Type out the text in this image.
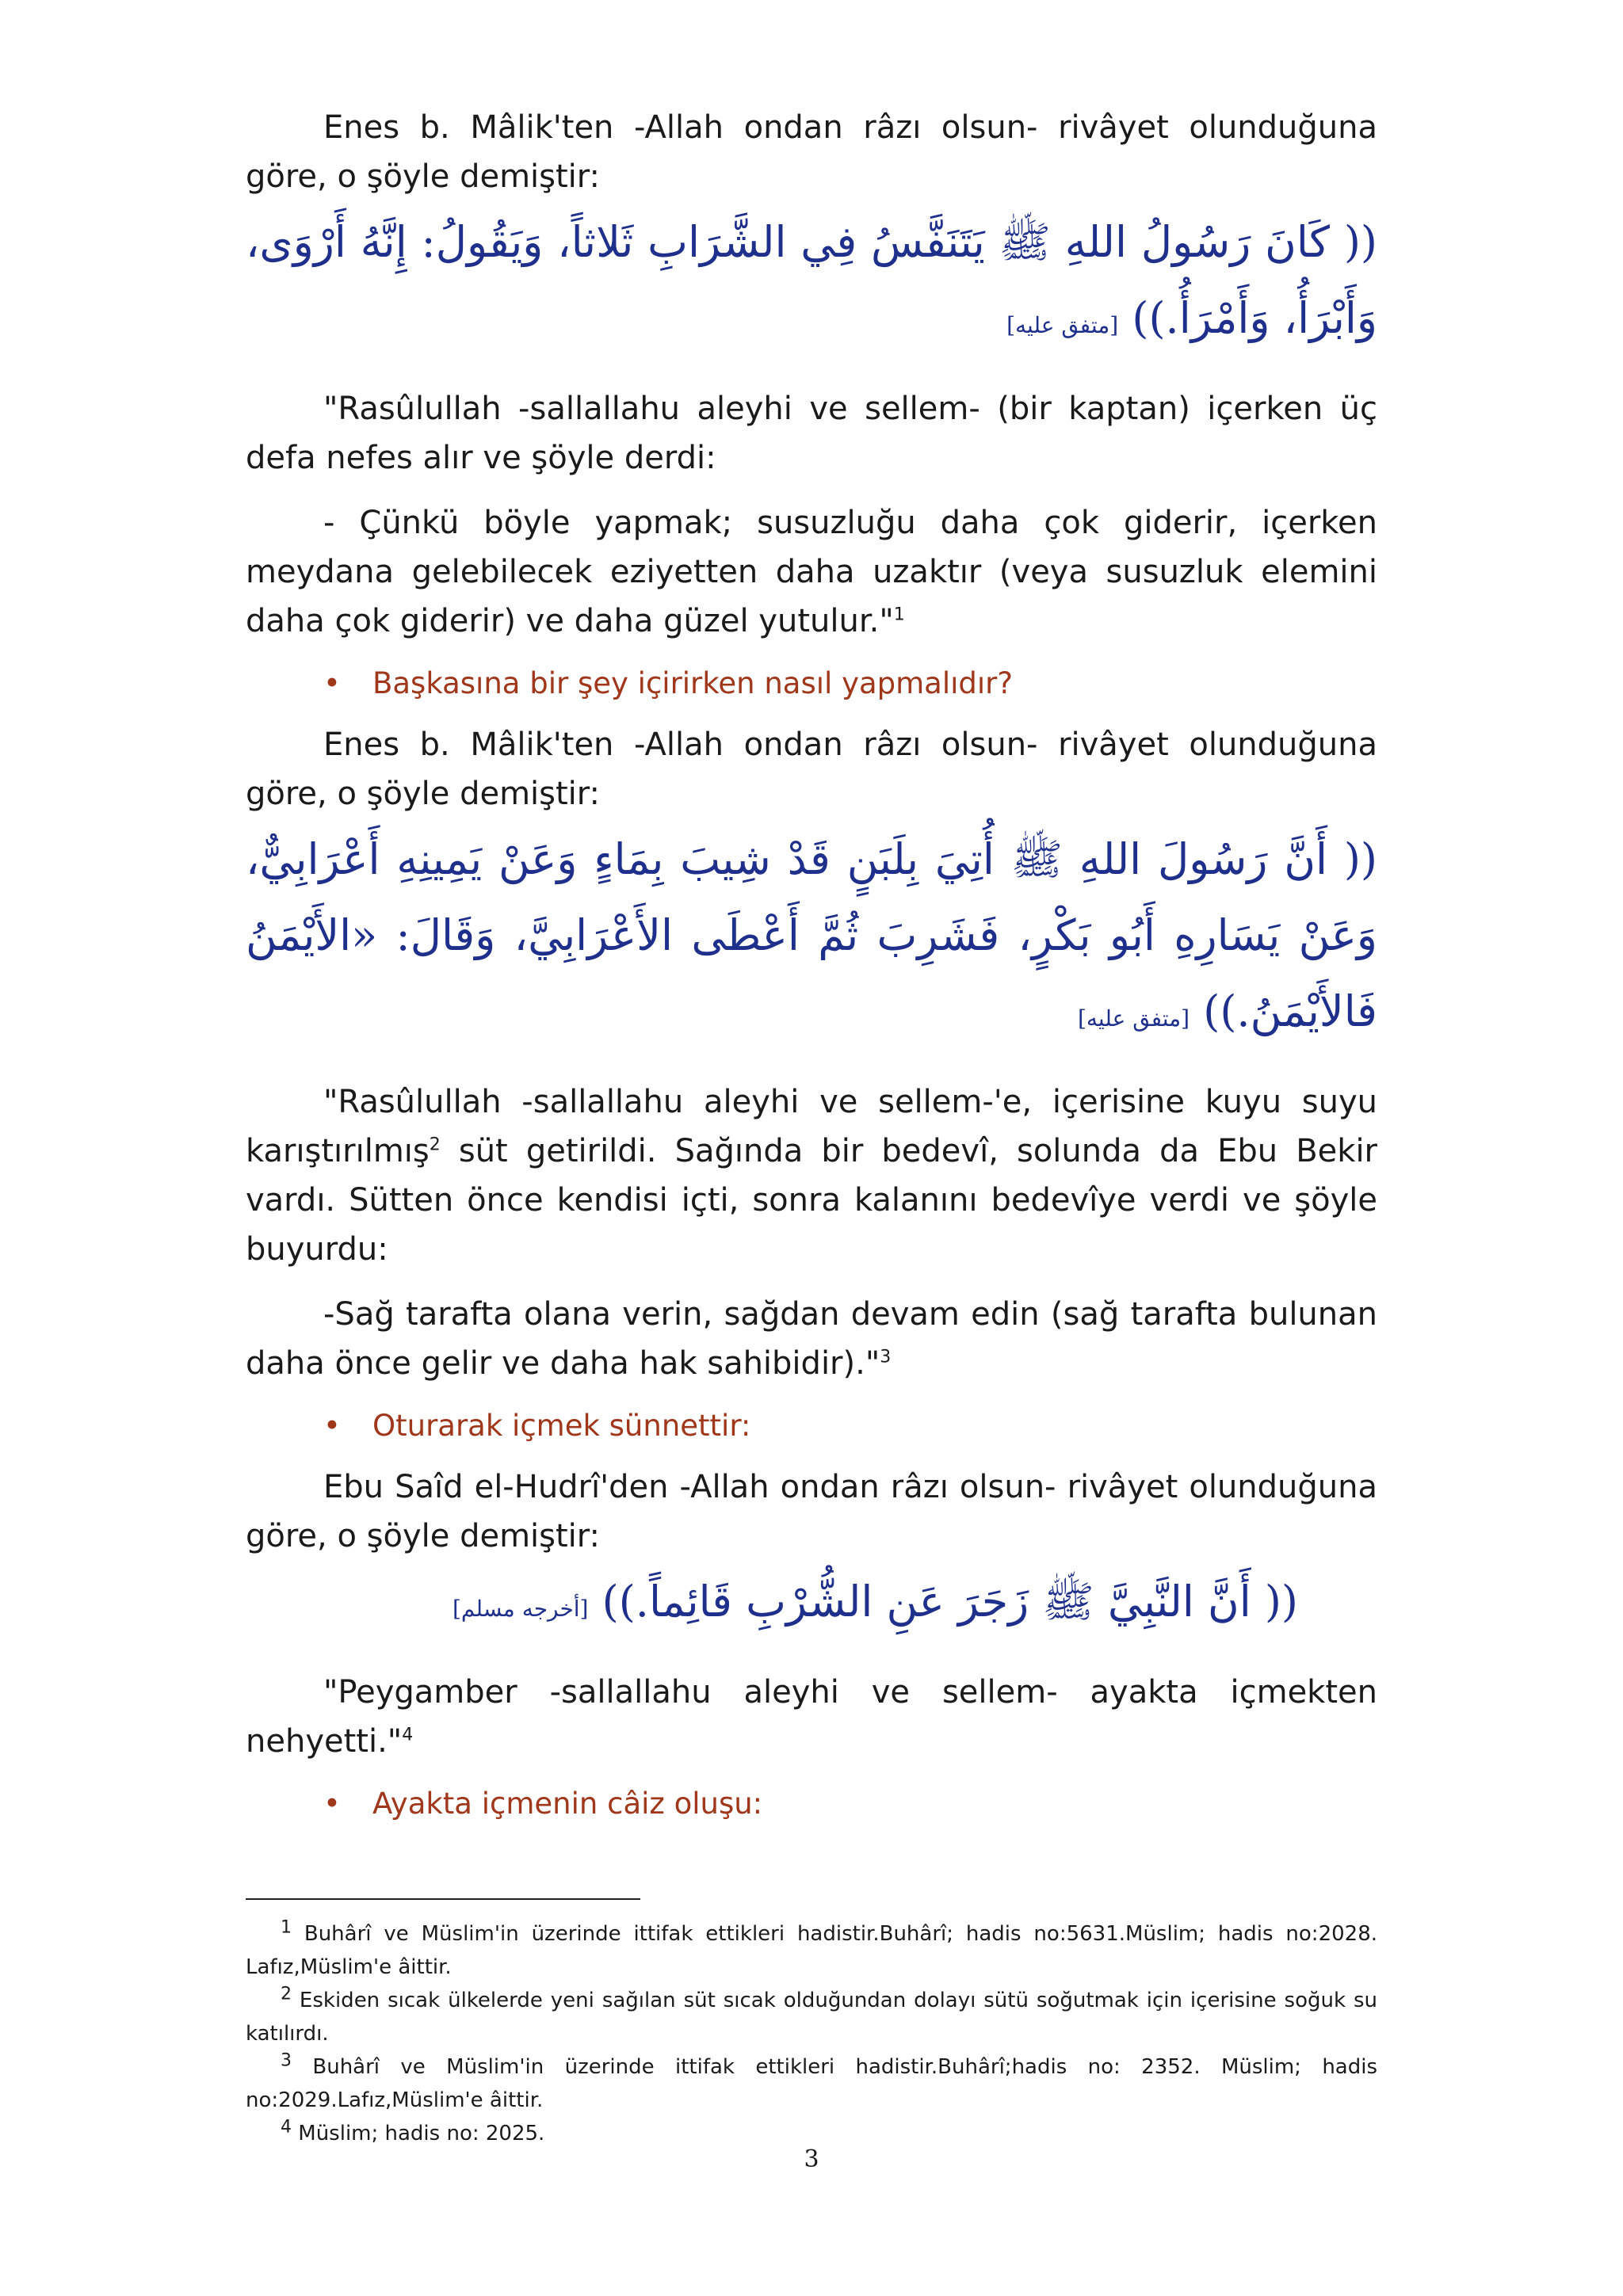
Enes b. Mâlik'ten -Allah ondan râzı olsun- rivâyet olunduğuna göre, o şöyle demiştir:

(( كَانَ رَسُولُ اللهِ ﷺ يَتَنَفَّسُ فِي الشَّرَابِ ثَلاثاً، وَيَقُولُ: إِنَّهُ أَرْوَى، وَأَبْرَأُ، وَأَمْرَأُ.)) [متفق عليه]

"Rasûlullah -sallallahu aleyhi ve sellem- (bir kaptan) içerken üç defa nefes alır ve şöyle derdi:

- Çünkü böyle yapmak; susuzluğu daha çok giderir, içerken meydana gelebilecek eziyetten daha uzaktır (veya susuzluk elemini daha çok giderir) ve daha güzel yutulur."$^1$

• Başkasına bir şey içirirken nasıl yapmalıdır?

Enes b. Mâlik'ten -Allah ondan râzı olsun- rivâyet olunduğuna göre, o şöyle demiştir:

(( أَنَّ رَسُولَ اللهِ ﷺ أُتِيَ بِلَبَنٍ قَدْ شِيبَ بِمَاءٍ وَعَنْ يَمِينِهِ أَعْرَابِيٌّ، وَعَنْ يَسَارِهِ أَبُو بَكْرٍ، فَشَرِبَ ثُمَّ أَعْطَى الأَعْرَابِيَّ، وَقَالَ: «الأَيْمَنُ فَالأَيْمَنُ.)) [متفق عليه]

"Rasûlullah -sallallahu aleyhi ve sellem-'e, içerisine kuyu suyu karıştırılmış$^2$ süt getirildi. Sağında bir bedevî, solunda da Ebu Bekir vardı. Sütten önce kendisi içti, sonra kalanını bedevîye verdi ve şöyle buyurdu:

-Sağ tarafta olana verin, sağdan devam edin (sağ tarafta bulunan daha önce gelir ve daha hak sahibidir)."$^3$

• Oturarak içmek sünnettir:

Ebu Saîd el-Hudrî'den -Allah ondan râzı olsun- rivâyet olunduğuna göre, o şöyle demiştir:

(( أَنَّ النَّبِيَّ ﷺ زَجَرَ عَنِ الشُّرْبِ قَائِماً.)) [أخرجه مسلم]

"Peygamber -sallallahu aleyhi ve sellem- ayakta içmekten nehyetti."$^4$

• Ayakta içmenin câiz oluşu:

$^1$ Buhârî ve Müslim'in üzerinde ittifak ettikleri hadistir.Buhârî; hadis no:5631.Müslim; hadis no:2028. Lafız,Müslim'e âittir.

$^2$ Eskiden sıcak ülkelerde yeni sağılan süt sıcak olduğundan dolayı sütü soğutmak için içerisine soğuk su katılırdı.

$^3$ Buhârî ve Müslim'in üzerinde ittifak ettikleri hadistir.Buhârî;hadis no: 2352. Müslim; hadis no:2029.Lafız,Müslim'e âittir.

$^4$ Müslim; hadis no: 2025.

3
